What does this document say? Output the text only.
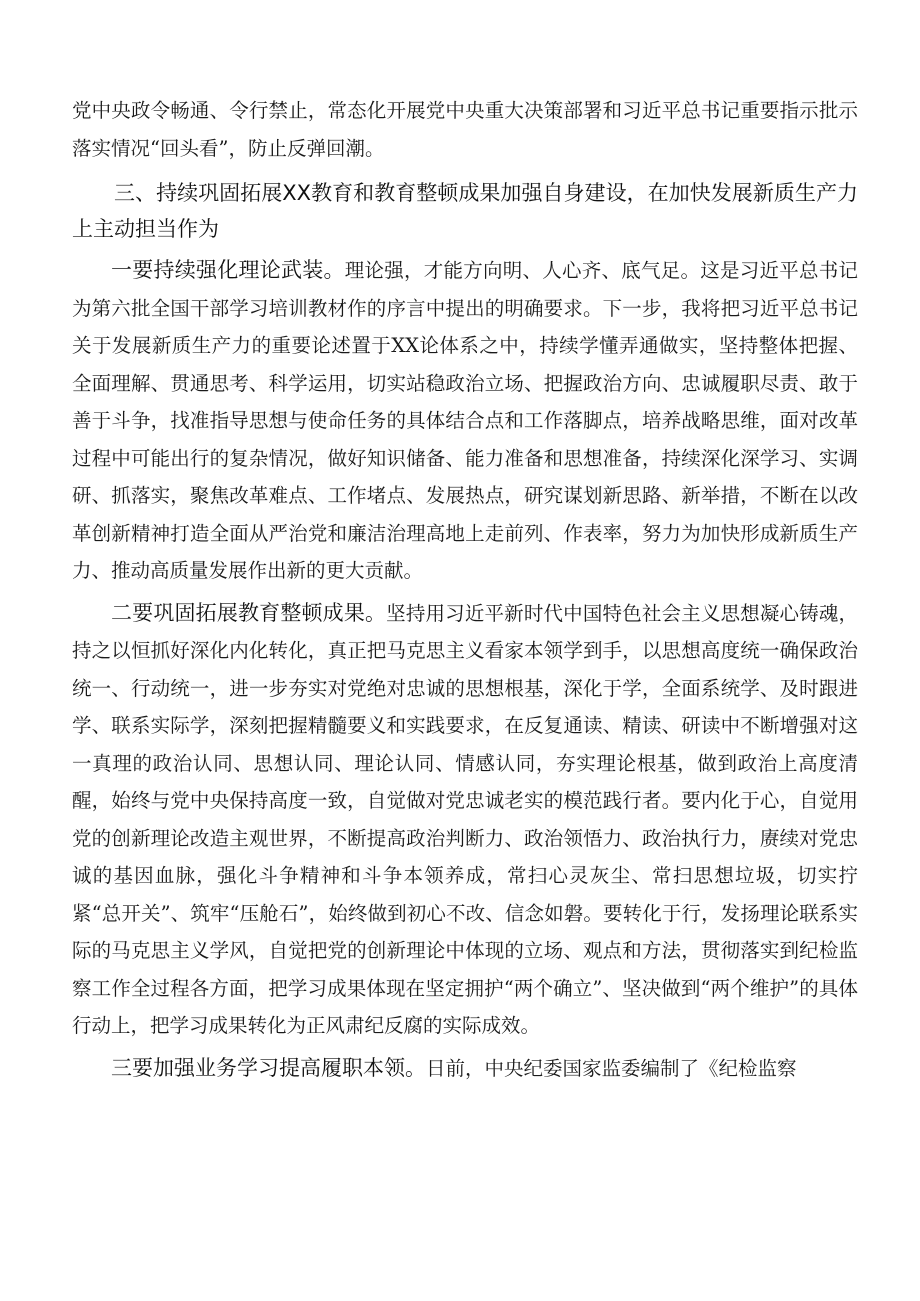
党中央政令畅通、令行禁止，常态化开展党中央重大决策部署和习近平总书记重要指示批示落实情况“回头看”，防止反弹回潮。

三、持续巩固拓展XX教育和教育整顿成果加强自身建设，在加快发展新质生产力上主动担当作为

一要持续强化理论武装。理论强，才能方向明、人心齐、底气足。这是习近平总书记为第六批全国干部学习培训教材作的序言中提出的明确要求。下一步，我将把习近平总书记关于发展新质生产力的重要论述置于XX论体系之中，持续学懂弄通做实，坚持整体把握、全面理解、贯通思考、科学运用，切实站稳政治立场、把握政治方向、忠诚履职尽责、敢于善于斗争，找准指导思想与使命任务的具体结合点和工作落脚点，培养战略思维，面对改革过程中可能出行的复杂情况，做好知识储备、能力准备和思想准备，持续深化深学习、实调研、抓落实，聚焦改革难点、工作堵点、发展热点，研究谋划新思路、新举措，不断在以改革创新精神打造全面从严治党和廉洁治理高地上走前列、作表率，努力为加快形成新质生产力、推动高质量发展作出新的更大贡献。

二要巩固拓展教育整顿成果。坚持用习近平新时代中国特色社会主义思想凝心铸魂，持之以恒抓好深化内化转化，真正把马克思主义看家本领学到手，以思想高度统一确保政治统一、行动统一，进一步夯实对党绝对忠诚的思想根基，深化于学，全面系统学、及时跟进学、联系实际学，深刻把握精髓要义和实践要求，在反复通读、精读、研读中不断增强对这一真理的政治认同、思想认同、理论认同、情感认同，夯实理论根基，做到政治上高度清醒，始终与党中央保持高度一致，自觉做对党忠诚老实的模范践行者。要内化于心，自觉用党的创新理论改造主观世界，不断提高政治判断力、政治领悟力、政治执行力，赓续对党忠诚的基因血脉，强化斗争精神和斗争本领养成，常扫心灵灰尘、常扫思想垃圾，切实拧紧“总开关”、筑牢“压舱石”，始终做到初心不改、信念如磐。要转化于行，发扬理论联系实际的马克思主义学风，自觉把党的创新理论中体现的立场、观点和方法，贯彻落实到纪检监察工作全过程各方面，把学习成果体现在坚定拥护“两个确立”、坚决做到“两个维护”的具体行动上，把学习成果转化为正风肃纪反腐的实际成效。

三要加强业务学习提高履职本领。日前，中央纪委国家监委编制了《纪检监察
